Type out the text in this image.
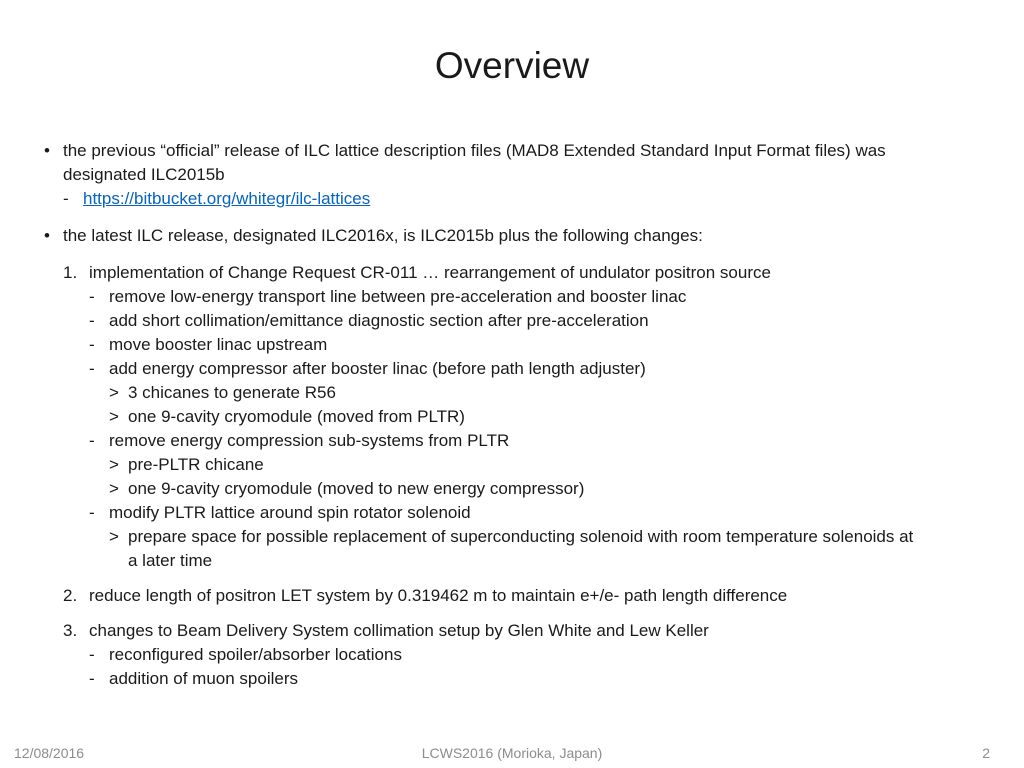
Overview
• the previous “official” release of ILC lattice description files (MAD8 Extended Standard Input Format files) was
designated ILC2015b
- https://bitbucket.org/whitegr/ilc-lattices
• the latest ILC release, designated ILC2016x, is ILC2015b plus the following changes:
1. implementation of Change Request CR-011 … rearrangement of undulator positron source
- remove low-energy transport line between pre-acceleration and booster linac
- add short collimation/emittance diagnostic section after pre-acceleration
- move booster linac upstream
- add energy compressor after booster linac (before path length adjuster)
> 3 chicanes to generate R56
> one 9-cavity cryomodule (moved from PLTR)
- remove energy compression sub-systems from PLTR
> pre-PLTR chicane
> one 9-cavity cryomodule (moved to new energy compressor)
- modify PLTR lattice around spin rotator solenoid
> prepare space for possible replacement of superconducting solenoid with room temperature solenoids at
a later time
2. reduce length of positron LET system by 0.319462 m to maintain e+/e- path length difference
3. changes to Beam Delivery System collimation setup by Glen White and Lew Keller
- reconfigured spoiler/absorber locations
- addition of muon spoilers
12/08/2016	LCWS2016 (Morioka, Japan)	2
